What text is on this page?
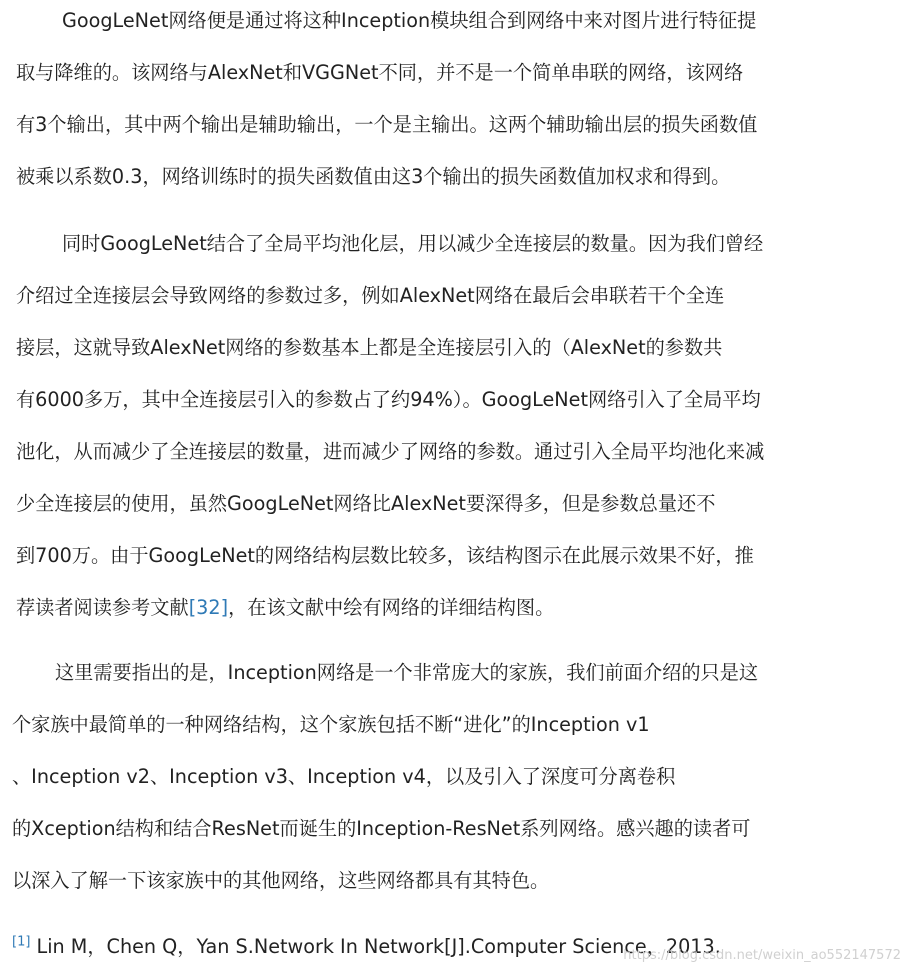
GoogLeNet网络便是通过将这种Inception模块组合到网络中来对图片进行特征提
取与降维的。该网络与AlexNet和VGGNet不同，并不是一个简单串联的网络，该网络
有3个输出，其中两个输出是辅助输出，一个是主输出。这两个辅助输出层的损失函数值
被乘以系数0.3，网络训练时的损失函数值由这3个输出的损失函数值加权求和得到。
同时GoogLeNet结合了全局平均池化层，用以减少全连接层的数量。因为我们曾经
介绍过全连接层会导致网络的参数过多，例如AlexNet网络在最后会串联若干个全连
接层，这就导致AlexNet网络的参数基本上都是全连接层引入的（AlexNet的参数共
有6000多万，其中全连接层引入的参数占了约94%）。GoogLeNet网络引入了全局平均
池化，从而减少了全连接层的数量，进而减少了网络的参数。通过引入全局平均池化来减
少全连接层的使用，虽然GoogLeNet网络比AlexNet要深得多，但是参数总量还不
到700万。由于GoogLeNet的网络结构层数比较多，该结构图示在此展示效果不好，推
荐读者阅读参考文献[32]，在该文献中绘有网络的详细结构图。
这里需要指出的是，Inception网络是一个非常庞大的家族，我们前面介绍的只是这
个家族中最简单的一种网络结构，这个家族包括不断“进化”的Inception v1
、Inception v2、Inception v3、Inception v4，以及引入了深度可分离卷积
的Xception结构和结合ResNet而诞生的Inception-ResNet系列网络。感兴趣的读者可
以深入了解一下该家族中的其他网络，这些网络都具有其特色。
[1] Lin M，Chen Q，Yan S.Network In Network[J].Computer Science，2013.
https://blog.csdn.net/weixin_ao552147572
